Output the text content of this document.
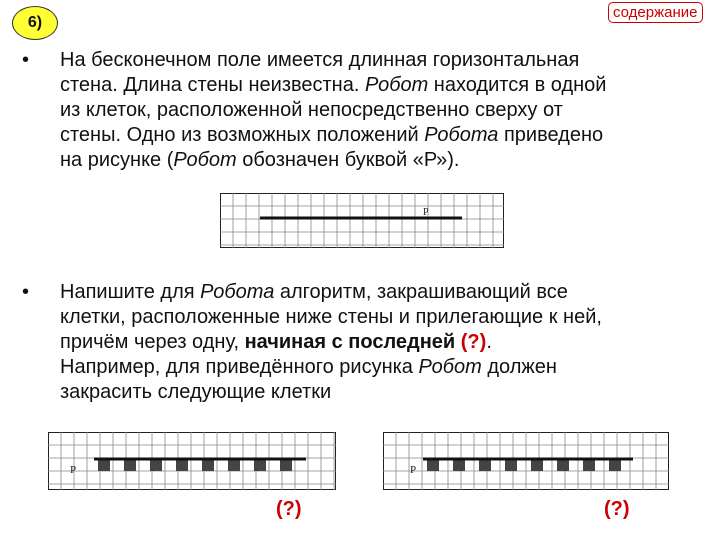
6)
содержание
• На бесконечном поле имеется длинная горизонтальная
стена. Длина стены неизвестна. Робот находится в одной
из клеток, расположенной непосредственно сверху от
стены. Одно из возможных положений Робота приведено
на рисунке (Робот обозначен буквой «Р»).
P
• Напишите для Робота алгоритм, закрашивающий все
клетки, расположенные ниже стены и прилегающие к ней,
причём через одну, начиная с последней (?).
Например, для приведённого рисунка Робот должен
закрасить следующие клетки
P	P
(?)	(?)
